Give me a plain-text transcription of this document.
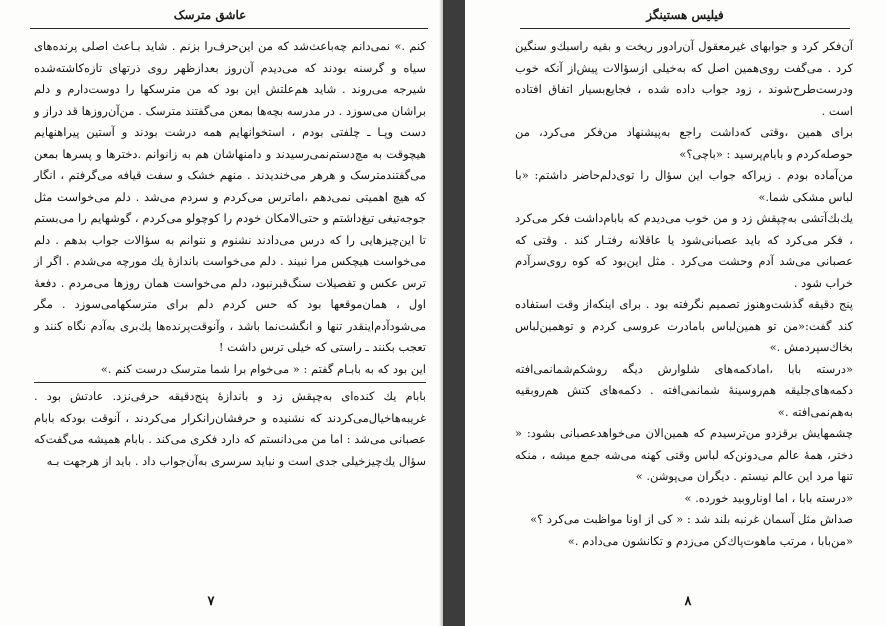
عاشق مترسک

کنم .» نمی‌دانم چه‌باعث‌شد که من این‌حرف‌را بزنم . شاید بـاعث اصلی پرنده‌های سیاه و گرسنه بودند که می‌دیدم آن‌روز بعدازظهر روی ذرتهای تازه‌کاشته‌شده شیرجه می‌روند . شاید هم‌علتش این بود که من مترسکها را دوست‌دارم و دلم براشان می‌سوزد . در مدرسه بچه‌ها بمعن می‌گفتند مترسک . من‌آن‌روزها قد دراز و دست وپـا ـ چلفتی بودم ، استخوانهایم همه درشت بودند و آستین پیراهنهایم هیچوقت به مچ‌دستم‌نمی‌رسیدند و دامنهاشان هم به زانوانم .دخترها و پسرها بمعن می‌گفتندمترسک و هرهر می‌خندیدند . منهم خشک و سفت قیافه می‌گرفتم ، انگار که هیچ اهمیتی نمی‌دهم ،اماترس می‌کردم و سردم می‌شد . دلم می‌خواست مثل جوجه‌تیغی تیغ‌داشتم و حتی‌الامکان خودم را کوچولو می‌کردم ، گوشهایم را می‌بستم تا این‌چیزهایی را که درس می‌دادند نشنوم و نتوانم به سؤالات جواب بدهم . دلم می‌خواست هیچکس مرا نبیند . دلم می‌خواست باندازهٔ یك مورچه می‌شدم . اگر از ترس عکس و تفصیلات سنگ‌قبرنبود، دلم می‌خواست همان روزها می‌مردم . دفعهٔ اول ، همان‌موقعها بود که حس کردم دلم برای مترسکهامی‌سوزد . مگر می‌شودآدم‌اینقدر تنها و انگشت‌نما باشد ، وآنوقت‌پرنده‌ها یك‌بری به‌آدم نگاه کنند و تعجب بکنند ـ راستی که خیلی ترس داشت !

این بود که به بابـام گفتم : « می‌خوام برا شما مترسک درست کنم .»

بابام یك‌ کنده‌ای به‌چپقش زد و باندازهٔ پنج‌دقیقه حرفی‌نزد. عادتش بود . غریبه‌ها‌خیال‌می‌کردند که نشنیده و حرفشان‌رانکرار می‌کردند ، آنوقت بودکه بابام عصبانی می‌شد : اما من می‌دانستم که دارد فکری می‌کند . بابام همیشه می‌گفت‌که سؤال یك‌چیزخیلی جدی است و نباید سرسری به‌آن‌جواب داد . باید از هرجهت بـه

۷
فیلیس هستینگز

آن‌فکر کرد و جوابهای غیرمعقول آن‌رادور ریخت و بقیه راسبك‌و سنگین کرد . می‌گفت روی‌همین اصل که به‌خیلی ازسؤالات پیش‌از آنکه خوب ودرست‌طرح‌شوند ، زود جواب داده شده ، فجایع‌بسیار اتفاق افتاده است .

برای همین ،وقتی که‌داشت راجع به‌پیشنهاد من‌فکر می‌کرد، من حوصله‌کردم و بابام‌پرسید : «باچی؟»

من‌آماده بودم . زیراکه جواب این سؤال را توی‌دلم‌حاضر داشتم: «با لباس مشکی شما.»

یك‌بك‌آتشی به‌چپقش زد و من خوب می‌دیدم که بابام‌داشت فکر می‌کرد ، فکر می‌کرد که باید عصبانی‌شود یا عاقلانه رفتـار کند . وقتی که عصبانی می‌شد آدم وحشت می‌کرد . مثل این‌بود که کوه روی‌سرآدم خراب شود .

پنج دقیقه گذشت‌وهنوز تصمیم نگرفته بود . برای اینکه‌از وقت استفاده کند گفت:«من تو همین‌لباس بامادرت عروسی کردم و توهمین‌لباس بخاك‌سپردمش .»

«درسته بابا ،امادکمه‌های شلوارش دیگه روشکم‌شمانمی‌افته دکمه‌های‌جلیقه هم‌روسینهٔ شمانمی‌افته . دکمه‌های کتش هم‌روبقیه به‌هم‌نمی‌افته .»

چشمهایش برقزدو من‌ترسیدم که همین‌الان می‌خواهدعصبانی بشود: « دختر، همهٔ عالم می‌دونن‌که لباس وقتی کهنه می‌شه جمع میشه ، منکه تنها مرد این عالم نیستم . دیگران می‌پوشن. »

«درسته بابا ، اما اوناروبید خورده. »

صداش مثل آسمان غرنبه بلند شد : « کی از اونا مواظبت می‌کرد ؟»

«من‌بابا ، مرتب ماهوت‌پاك‌کن می‌زدم و تکانشون می‌دادم .»

۸
